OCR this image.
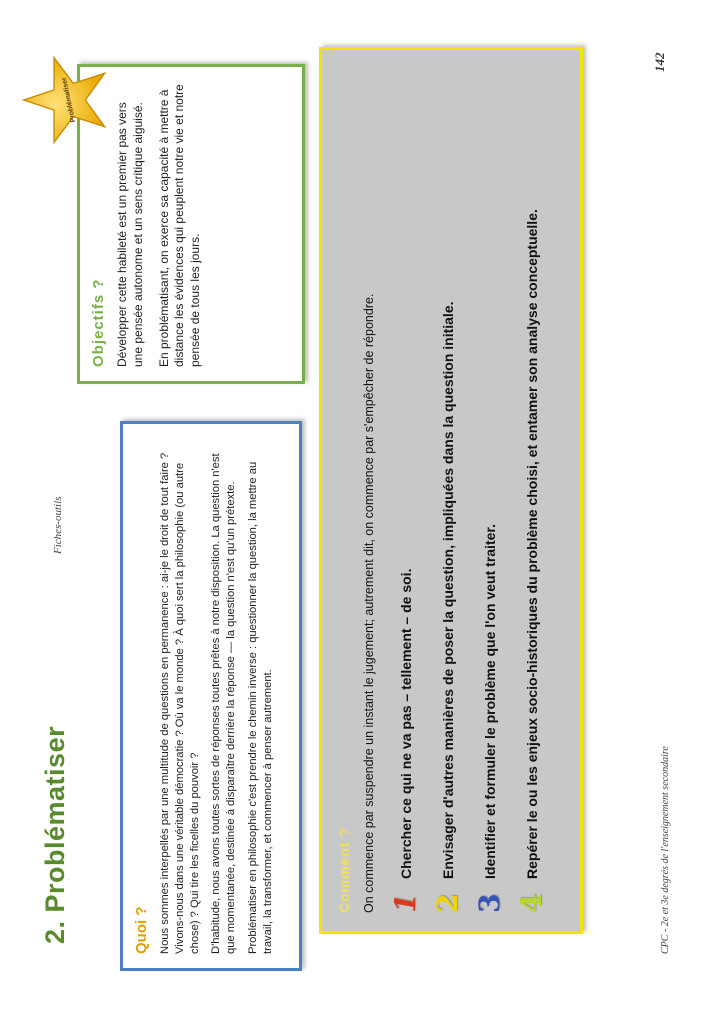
2. Problématiser
Fiches-outils
CPC - 2e et 3e degrés de l'enseignement secondaire
142
Quoi ? Nous sommes interpellés par une multitude de questions en permanence : ai-je le droit de tout faire ? Vivons-nous dans une véritable démocratie ? Où va le monde ? À quoi sert la philosophie (ou autre chose) ? Qui tire les ficelles du pouvoir ? D'habitude, nous avons toutes sortes de réponses toutes prêtes à notre disposition. La question n'est que momentanée, destinée à disparaître derrière la réponse — la question n'est qu'un prétexte. Problématiser en philosophie c'est prendre le chemin inverse : questionner la question, la mettre au travail, la transformer, et commencer à penser autrement.

Objectifs ? Développer cette habileté est un premier pas vers une pensée autonome et un sens critique aiguisé. En problématisant, on exerce sa capacité à mettre à distance les évidences qui peuplent notre vie et notre pensée de tous les jours.

Problématiser
Comment ? On commence par suspendre un instant le jugement; autrement dit, on commence par s'empêcher de répondre. 1
Chercher ce qui ne va pas – tellement – de soi.
2
Envisager d'autres manières de poser la question, impliquées dans la question initiale.
3
Identifier et formuler le problème que l'on veut traiter.
4
Repérer le ou les enjeux socio-historiques du problème choisi, et entamer son analyse conceptuelle.
